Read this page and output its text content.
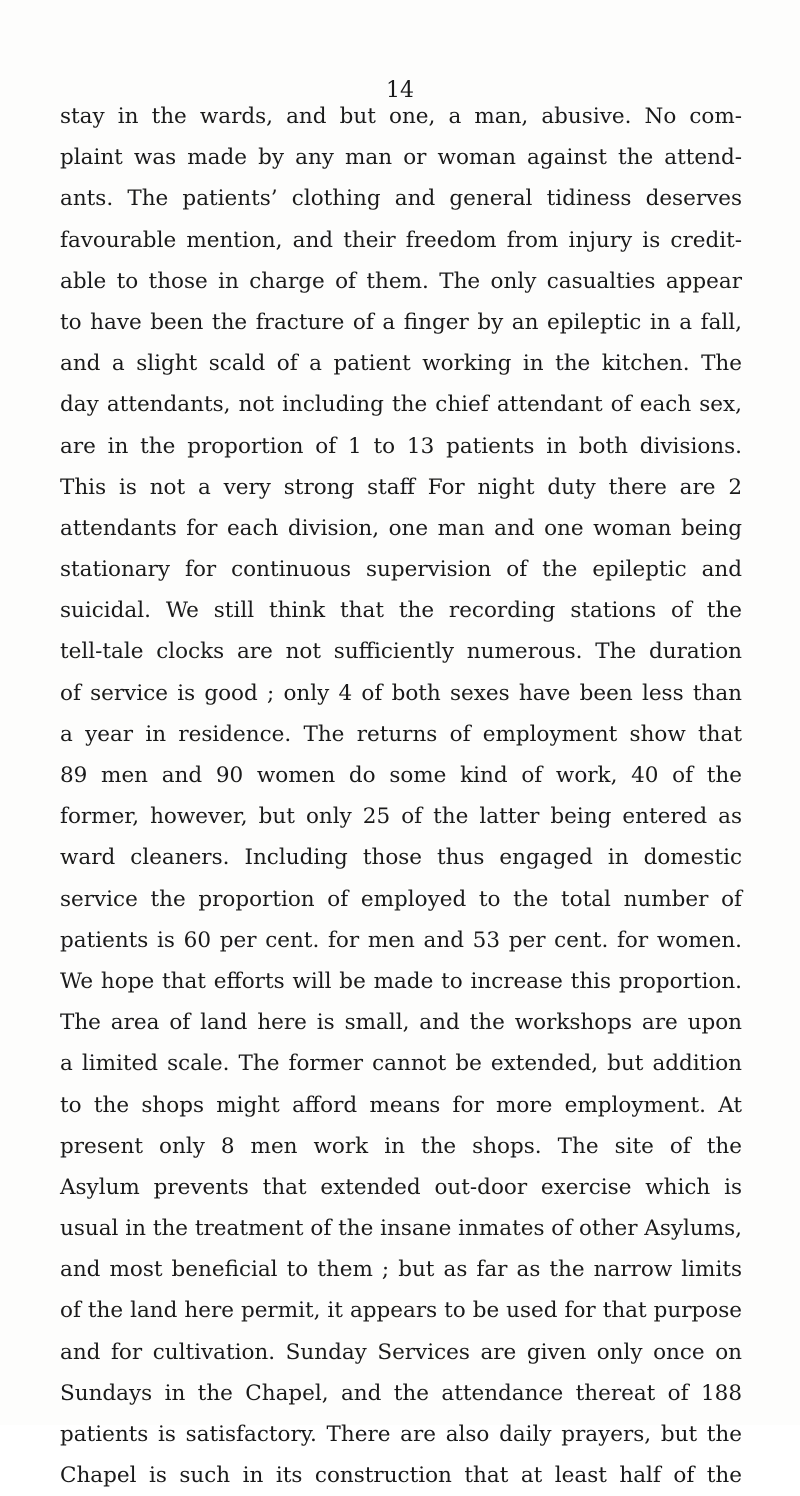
14
stay in the wards, and but one, a man, abusive. No com-
plaint was made by any man or woman against the attend-
ants. The patients’ clothing and general tidiness deserves
favourable mention, and their freedom from injury is credit-
able to those in charge of them. The only casualties appear
to have been the fracture of a finger by an epileptic in a fall,
and a slight scald of a patient working in the kitchen. The
day attendants, not including the chief attendant of each sex,
are in the proportion of 1 to 13 patients in both divisions.
This is not a very strong staff For night duty there are 2
attendants for each division, one man and one woman being
stationary for continuous supervision of the epileptic and
suicidal. We still think that the recording stations of the
tell-tale clocks are not sufficiently numerous. The duration
of service is good ; only 4 of both sexes have been less than
a year in residence. The returns of employment show that
89 men and 90 women do some kind of work, 40 of the
former, however, but only 25 of the latter being entered as
ward cleaners. Including those thus engaged in domestic
service the proportion of employed to the total number of
patients is 60 per cent. for men and 53 per cent. for women.
We hope that efforts will be made to increase this proportion.
The area of land here is small, and the workshops are upon
a limited scale. The former cannot be extended, but addition
to the shops might afford means for more employment. At
present only 8 men work in the shops. The site of the
Asylum prevents that extended out-door exercise which is
usual in the treatment of the insane inmates of other Asylums,
and most beneficial to them ; but as far as the narrow limits
of the land here permit, it appears to be used for that purpose
and for cultivation. Sunday Services are given only once on
Sundays in the Chapel, and the attendance thereat of 188
patients is satisfactory. There are also daily prayers, but the
Chapel is such in its construction that at least half of the
